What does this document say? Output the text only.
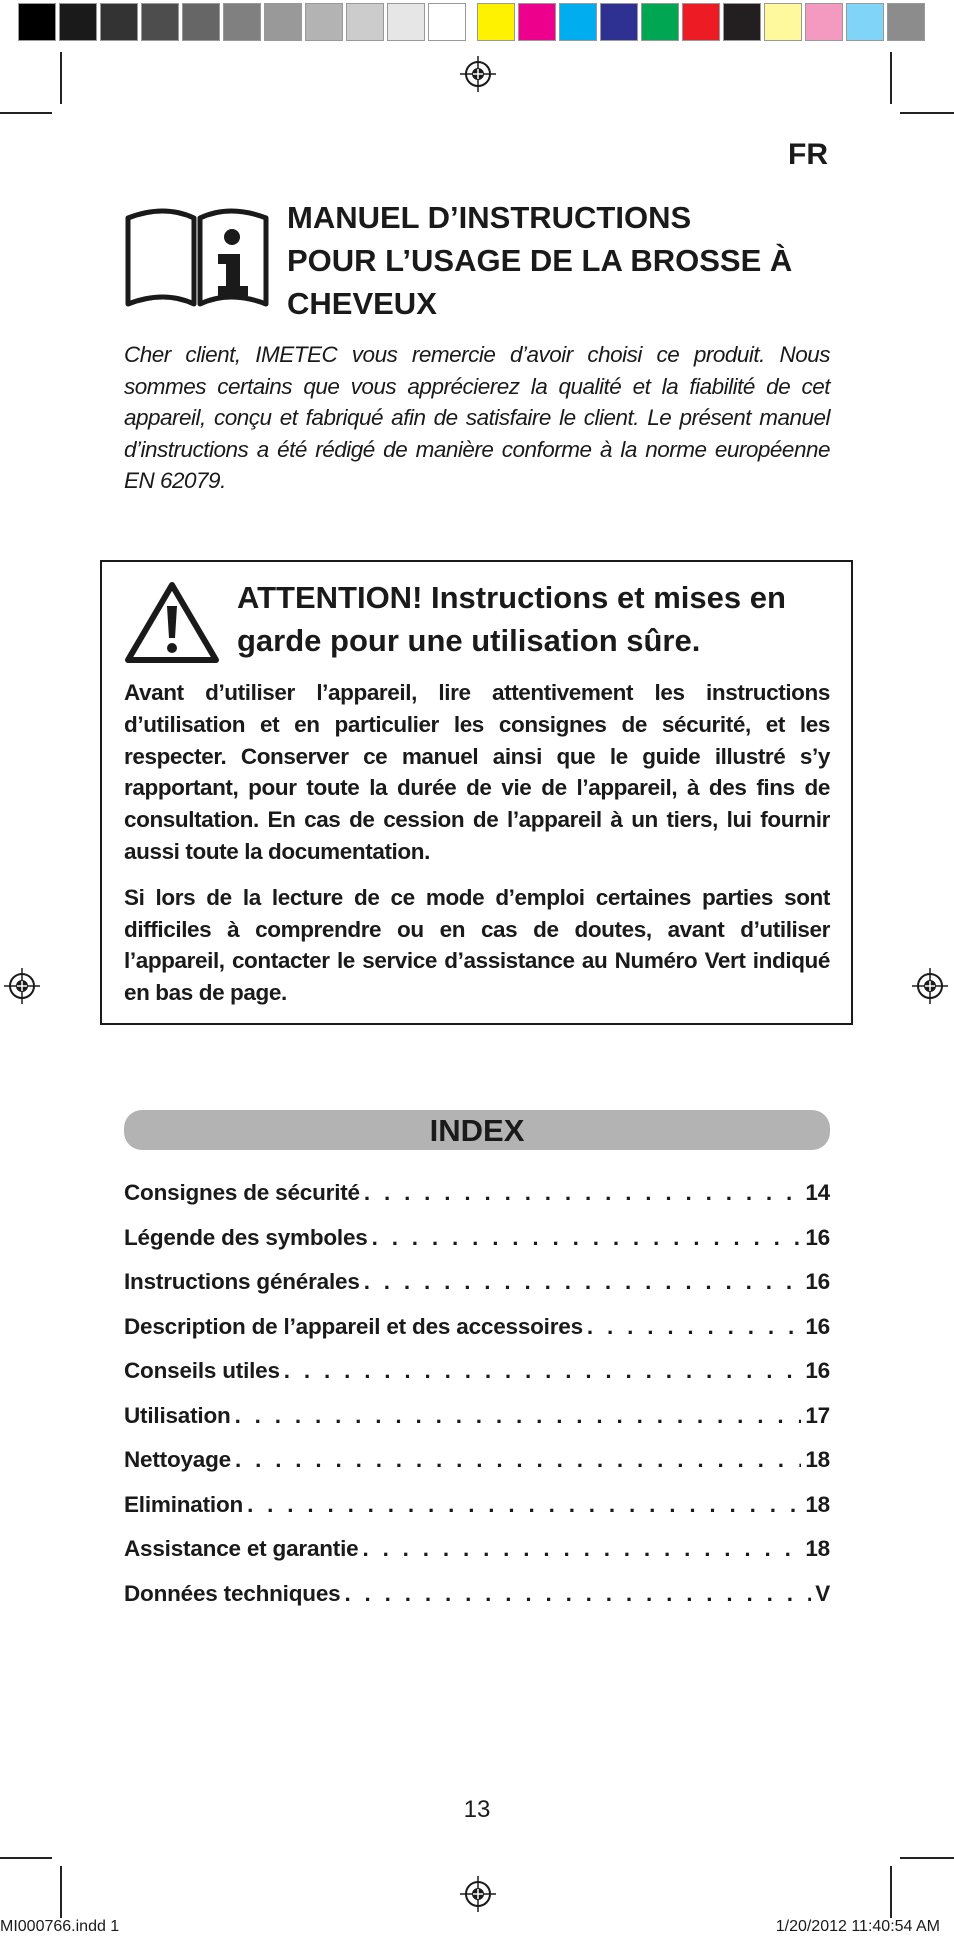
FR
MANUEL D’INSTRUCTIONS
POUR L’USAGE DE LA BROSSE À
CHEVEUX

Cher client, IMETEC vous remercie d’avoir choisi ce produit. Nous sommes certains que vous apprécierez la qualité et la fiabilité de cet appareil, conçu et fabriqué afin de satisfaire le client. Le présent manuel d’instructions a été rédigé de manière conforme à la norme européenne EN 62079.

ATTENTION! Instructions et mises en garde pour une utilisation sûre.

Avant d’utiliser l’appareil, lire attentivement les instructions d’utilisation et en particulier les consignes de sécurité, et les respecter. Conserver ce manuel ainsi que le guide illustré s’y rapportant, pour toute la durée de vie de l’appareil, à des fins de consultation. En cas de cession de l’appareil à un tiers, lui fournir aussi toute la documentation.

Si lors de la lecture de ce mode d’emploi certaines parties sont difficiles à comprendre ou en cas de doutes, avant d’utiliser l’appareil, contacter le service d’assistance au Numéro Vert indiqué en bas de page.

INDEX
Consignes de sécurité . . .	14
Légende des symboles . . .	16
Instructions générales . . .	16
Description de l’appareil et des accessoires . . .	16
Conseils utiles . . .	16
Utilisation . . .	17
Nettoyage . . .	18
Elimination . . .	18
Assistance et garantie . . .	18
Données techniques . . .	V
13
MI000766.indd 1	1/20/2012 11:40:54 AM
